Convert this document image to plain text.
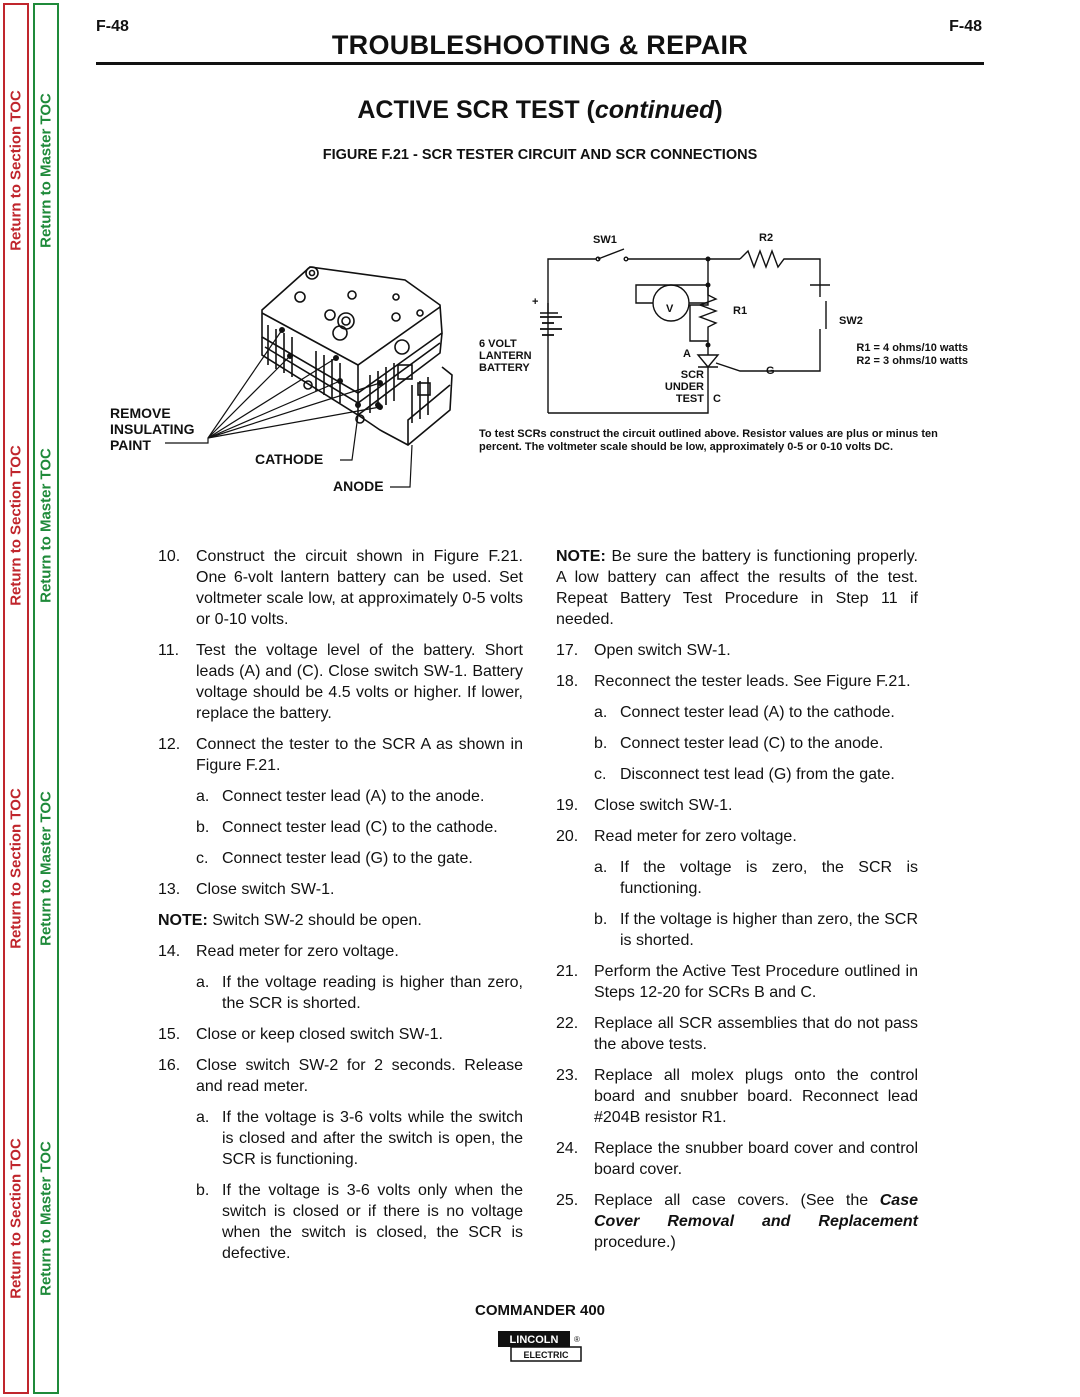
Return to Section TOC
Return to Section TOC
Return to Section TOC
Return to Section TOC
Return to Master TOC
Return to Master TOC
Return to Master TOC
Return to Master TOC
F-48	F-48
TROUBLESHOOTING & REPAIR
ACTIVE SCR TEST (continued)
FIGURE F.21 - SCR TESTER CIRCUIT AND SCR CONNECTIONS
REMOVE
INSULATING
PAINT
CATHODE
ANODE
SW1	R2
+
V	R1
SW2
6 VOLT
LANTERN
BATTERY
A
SCR
UNDER
TEST
G
C
R1 = 4 ohms/10 watts
R2 = 3 ohms/10 watts
To test SCRs construct the circuit outlined above. Resistor values are plus or minus ten percent. The voltmeter scale should be low, approximately 0-5 or 0-10 volts DC.
10. Construct the circuit shown in Figure F.21. One 6-volt lantern battery can be used. Set voltmeter scale low, at approximately 0-5 volts or 0-10 volts.
11.	Test the voltage level of the battery. Short leads (A) and (C). Close switch SW-1. Battery voltage should be 4.5 volts or higher. If lower, replace the battery.
12. Connect the tester to the SCR A as shown in Figure F.21.
a. Connect tester lead (A) to the anode.
b. Connect tester lead (C) to the cathode.
c. Connect tester lead (G) to the gate.
13. Close switch SW-1.
NOTE: Switch SW-2 should be open.
14. Read meter for zero voltage.
a. If the voltage reading is higher than zero, the SCR is shorted.
15. Close or keep closed switch SW-1.
16. Close switch SW-2 for 2 seconds. Release and read meter.
a. If the voltage is 3-6 volts while the switch is closed and after the switch is open, the SCR is functioning.
b. If the voltage is 3-6 volts only when the switch is closed or if there is no voltage when the switch is closed, the SCR is defective.
NOTE: Be sure the battery is functioning properly. A low battery can affect the results of the test. Repeat Battery Test Procedure in Step 11 if needed.
17. Open switch SW-1.
18. Reconnect the tester leads. See Figure F.21.
a. Connect tester lead (A) to the cathode.
b. Connect tester lead (C) to the anode.
c. Disconnect test lead (G) from the gate.
19. Close switch SW-1.
20. Read meter for zero voltage.
a. If the voltage is zero, the SCR is functioning.
b. If the voltage is higher than zero, the SCR is shorted.
21. Perform the Active Test Procedure outlined in Steps 12-20 for SCRs B and C.
22. Replace all SCR assemblies that do not pass the above tests.
23. Replace all molex plugs onto the control board and snubber board. Reconnect lead #204B resistor R1.
24. Replace the snubber board cover and control board cover.
25. Replace all case covers. (See the Case Cover Removal and Replacement procedure.)
COMMANDER 400
LINCOLN
ELECTRIC
®
